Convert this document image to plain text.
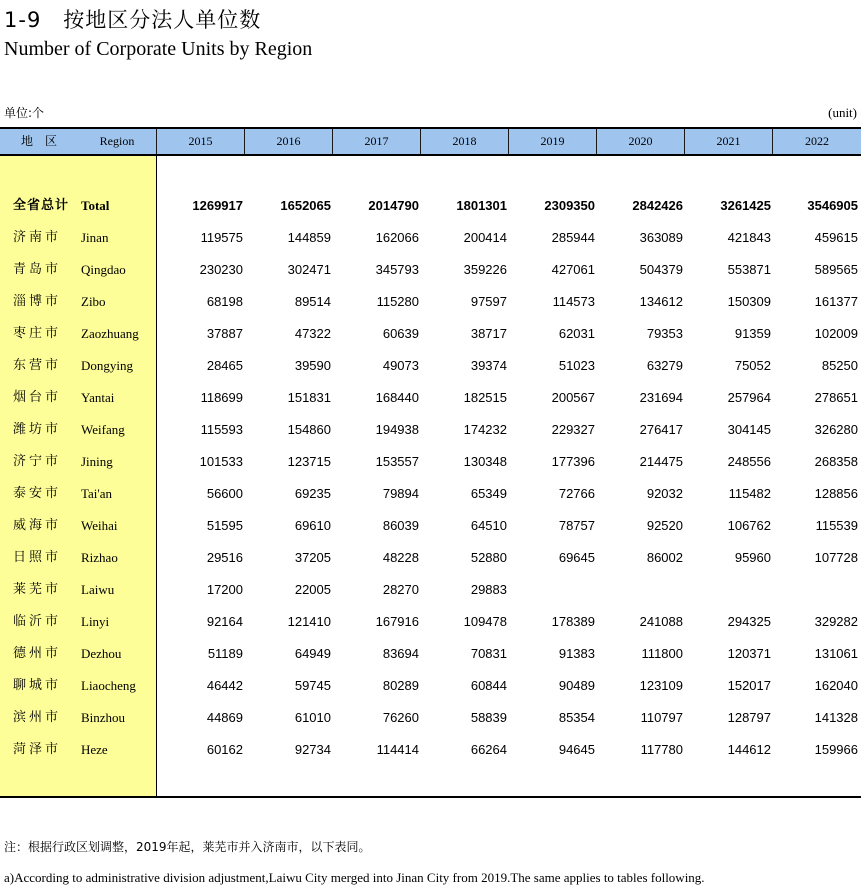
1-9　按地区分法人单位数
Number of Corporate Units by Region
单位:个	(unit)
地　区	Region	2015	2016	2017	2018	2019	2020	2021	2022
全省总计 Total	1269917	1652065	2014790	1801301	2309350	2842426	3261425	3546905
济南市 Jinan	119575	144859	162066	200414	285944	363089	421843	459615
青岛市 Qingdao	230230	302471	345793	359226	427061	504379	553871	589565
淄博市 Zibo	68198	89514	115280	97597	114573	134612	150309	161377
枣庄市 Zaozhuang	37887	47322	60639	38717	62031	79353	91359	102009
东营市 Dongying	28465	39590	49073	39374	51023	63279	75052	85250
烟台市 Yantai	118699	151831	168440	182515	200567	231694	257964	278651
潍坊市 Weifang	115593	154860	194938	174232	229327	276417	304145	326280
济宁市 Jining	101533	123715	153557	130348	177396	214475	248556	268358
泰安市 Tai'an	56600	69235	79894	65349	72766	92032	115482	128856
威海市 Weihai	51595	69610	86039	64510	78757	92520	106762	115539
日照市 Rizhao	29516	37205	48228	52880	69645	86002	95960	107728
莱芜市 Laiwu	17200	22005	28270	29883
临沂市 Linyi	92164	121410	167916	109478	178389	241088	294325	329282
德州市 Dezhou	51189	64949	83694	70831	91383	111800	120371	131061
聊城市 Liaocheng	46442	59745	80289	60844	90489	123109	152017	162040
滨州市 Binzhou	44869	61010	76260	58839	85354	110797	128797	141328
菏泽市 Heze	60162	92734	114414	66264	94645	117780	144612	159966
注：根据行政区划调整，2019年起，莱芜市并入济南市，以下表同。
a)According to administrative division adjustment,Laiwu City merged into Jinan City from 2019.The same applies to tables following.
